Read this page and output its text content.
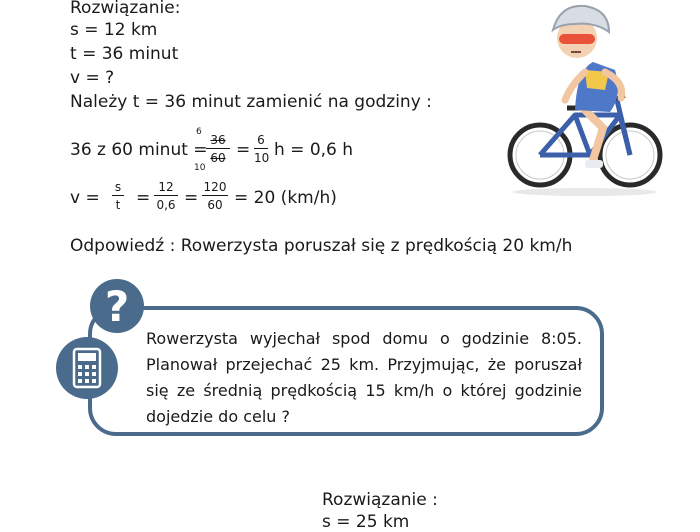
Rozwiązanie:
s = 12 km
t = 36 minut
v = ?
Należy t = 36 minut zamienić na godziny :
36 z 60 minut =
6
$\frac{36}{60}$
10
= $\frac{6}{10}$ h = 0,6 h
$v = \frac{s}{t} = \frac{12}{0,6} = \frac{120}{60} = 20$ (km/h)
Odpowiedź : Rowerzysta poruszał się z prędkością 20 km/h
?
Rowerzysta wyjechał spod domu o godzinie 8:05. Planował przejechać 25 km. Przyjmując, że poruszał się ze średnią prędkością 15 km/h o której godzinie dojedzie do celu ?
Rozwiązanie :
s = 25 km
